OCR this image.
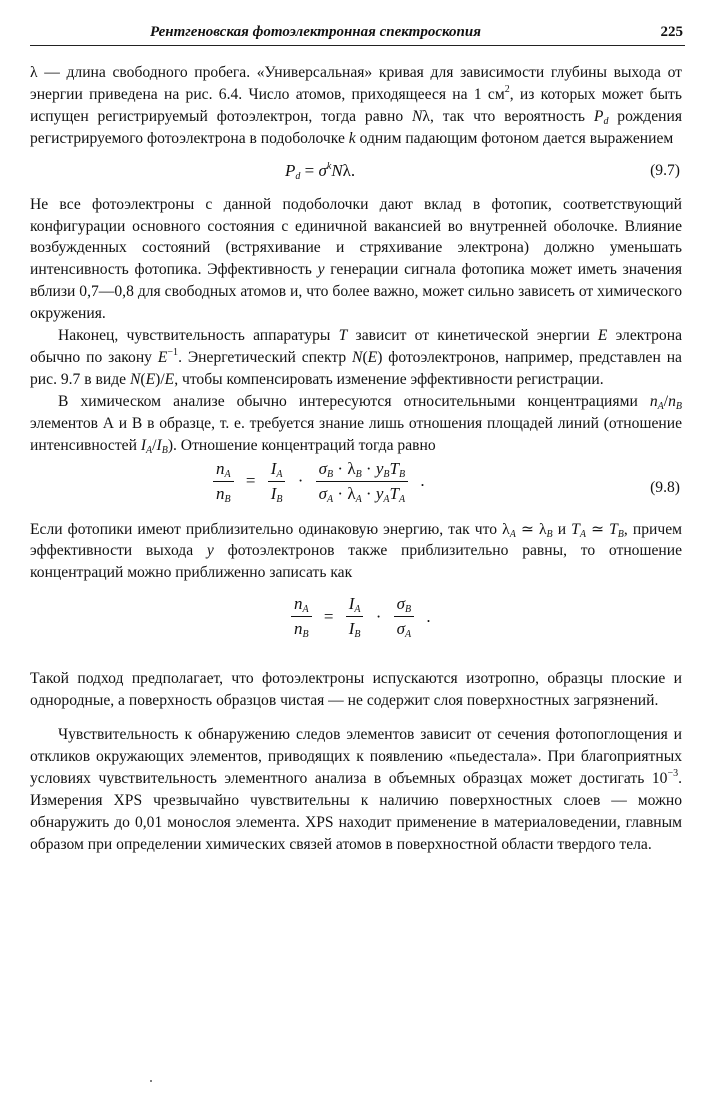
Рентгеновская фотоэлектронная спектроскопия	225

λ — длина свободного пробега. «Универсальная» кривая для зависимости глубины выхода от энергии приведена на рис. 6.4. Число атомов, приходящееся на 1 $см^2$, из которых может быть испущен регистрируемый фотоэлектрон, тогда равно Nλ, так что вероятность $P_d$ рождения регистрируемого фотоэлектрона в подоболочке k одним падающим фотоном дается выражением

$P_d = \sigma^kN\lambda$.	(9.7)

Не все фотоэлектроны с данной подоболочки дают вклад в фотопик, соответствующий конфигурации основного состояния с единичной вакансией во внутренней оболочке. Влияние возбужденных состояний (встряхивание и стряхивание электрона) должно уменьшать интенсивность фотопика. Эффективность y генерации сигнала фотопика может иметь значения вблизи 0,7—0,8 для свободных атомов и, что более важно, может сильно зависеть от химического окружения.

Наконец, чувствительность аппаратуры T зависит от кинетической энергии E электрона обычно по закону $E^{-1}$. Энергетический спектр N(E) фотоэлектронов, например, представлен на рис. 9.7 в виде N(E)/E, чтобы компенсировать изменение эффективности регистрации.

В химическом анализе обычно интересуются относительными концентрациями $n_A/n_B$ элементов А и В в образце, т. е. требуется знание лишь отношения площадей линий (отношение интенсивностей $I_A/I_B$). Отношение концентраций тогда равно

$\frac{n_A}{n_B} = \frac{I_A}{I_B} \cdot \frac{\sigma_B \cdot \lambda_B \cdot y_BT_B}{\sigma_A \cdot \lambda_A \cdot y_AT_A}$ .	(9.8)

Если фотопики имеют приблизительно одинаковую энергию, так что $\lambda_A$ ≃ $\lambda_B$ и $T_A$ ≃ $T_B$, причем эффективности выхода y фотоэлектронов также приблизительно равны, то отношение концентраций можно приближенно записать как

$\frac{n_A}{n_B} = \frac{I_A}{I_B} \cdot \frac{\sigma_B}{\sigma_A}$ .

Такой подход предполагает, что фотоэлектроны испускаются изотропно, образцы плоские и однородные, а поверхность образцов чистая — не содержит слоя поверхностных загрязнений.

Чувствительность к обнаружению следов элементов зависит от сечения фотопоглощения и откликов окружающих элементов, приводящих к появлению «пьедестала». При благоприятных условиях чувствительность элементного анализа в объемных образцах может достигать $10^{-3}$. Измерения XPS чрезвычайно чувствительны к наличию поверхностных слоев — можно обнаружить до 0,01 монослоя элемента. XPS находит применение в материаловедении, главным образом при определении химических связей атомов в поверхностной области твердого тела.
